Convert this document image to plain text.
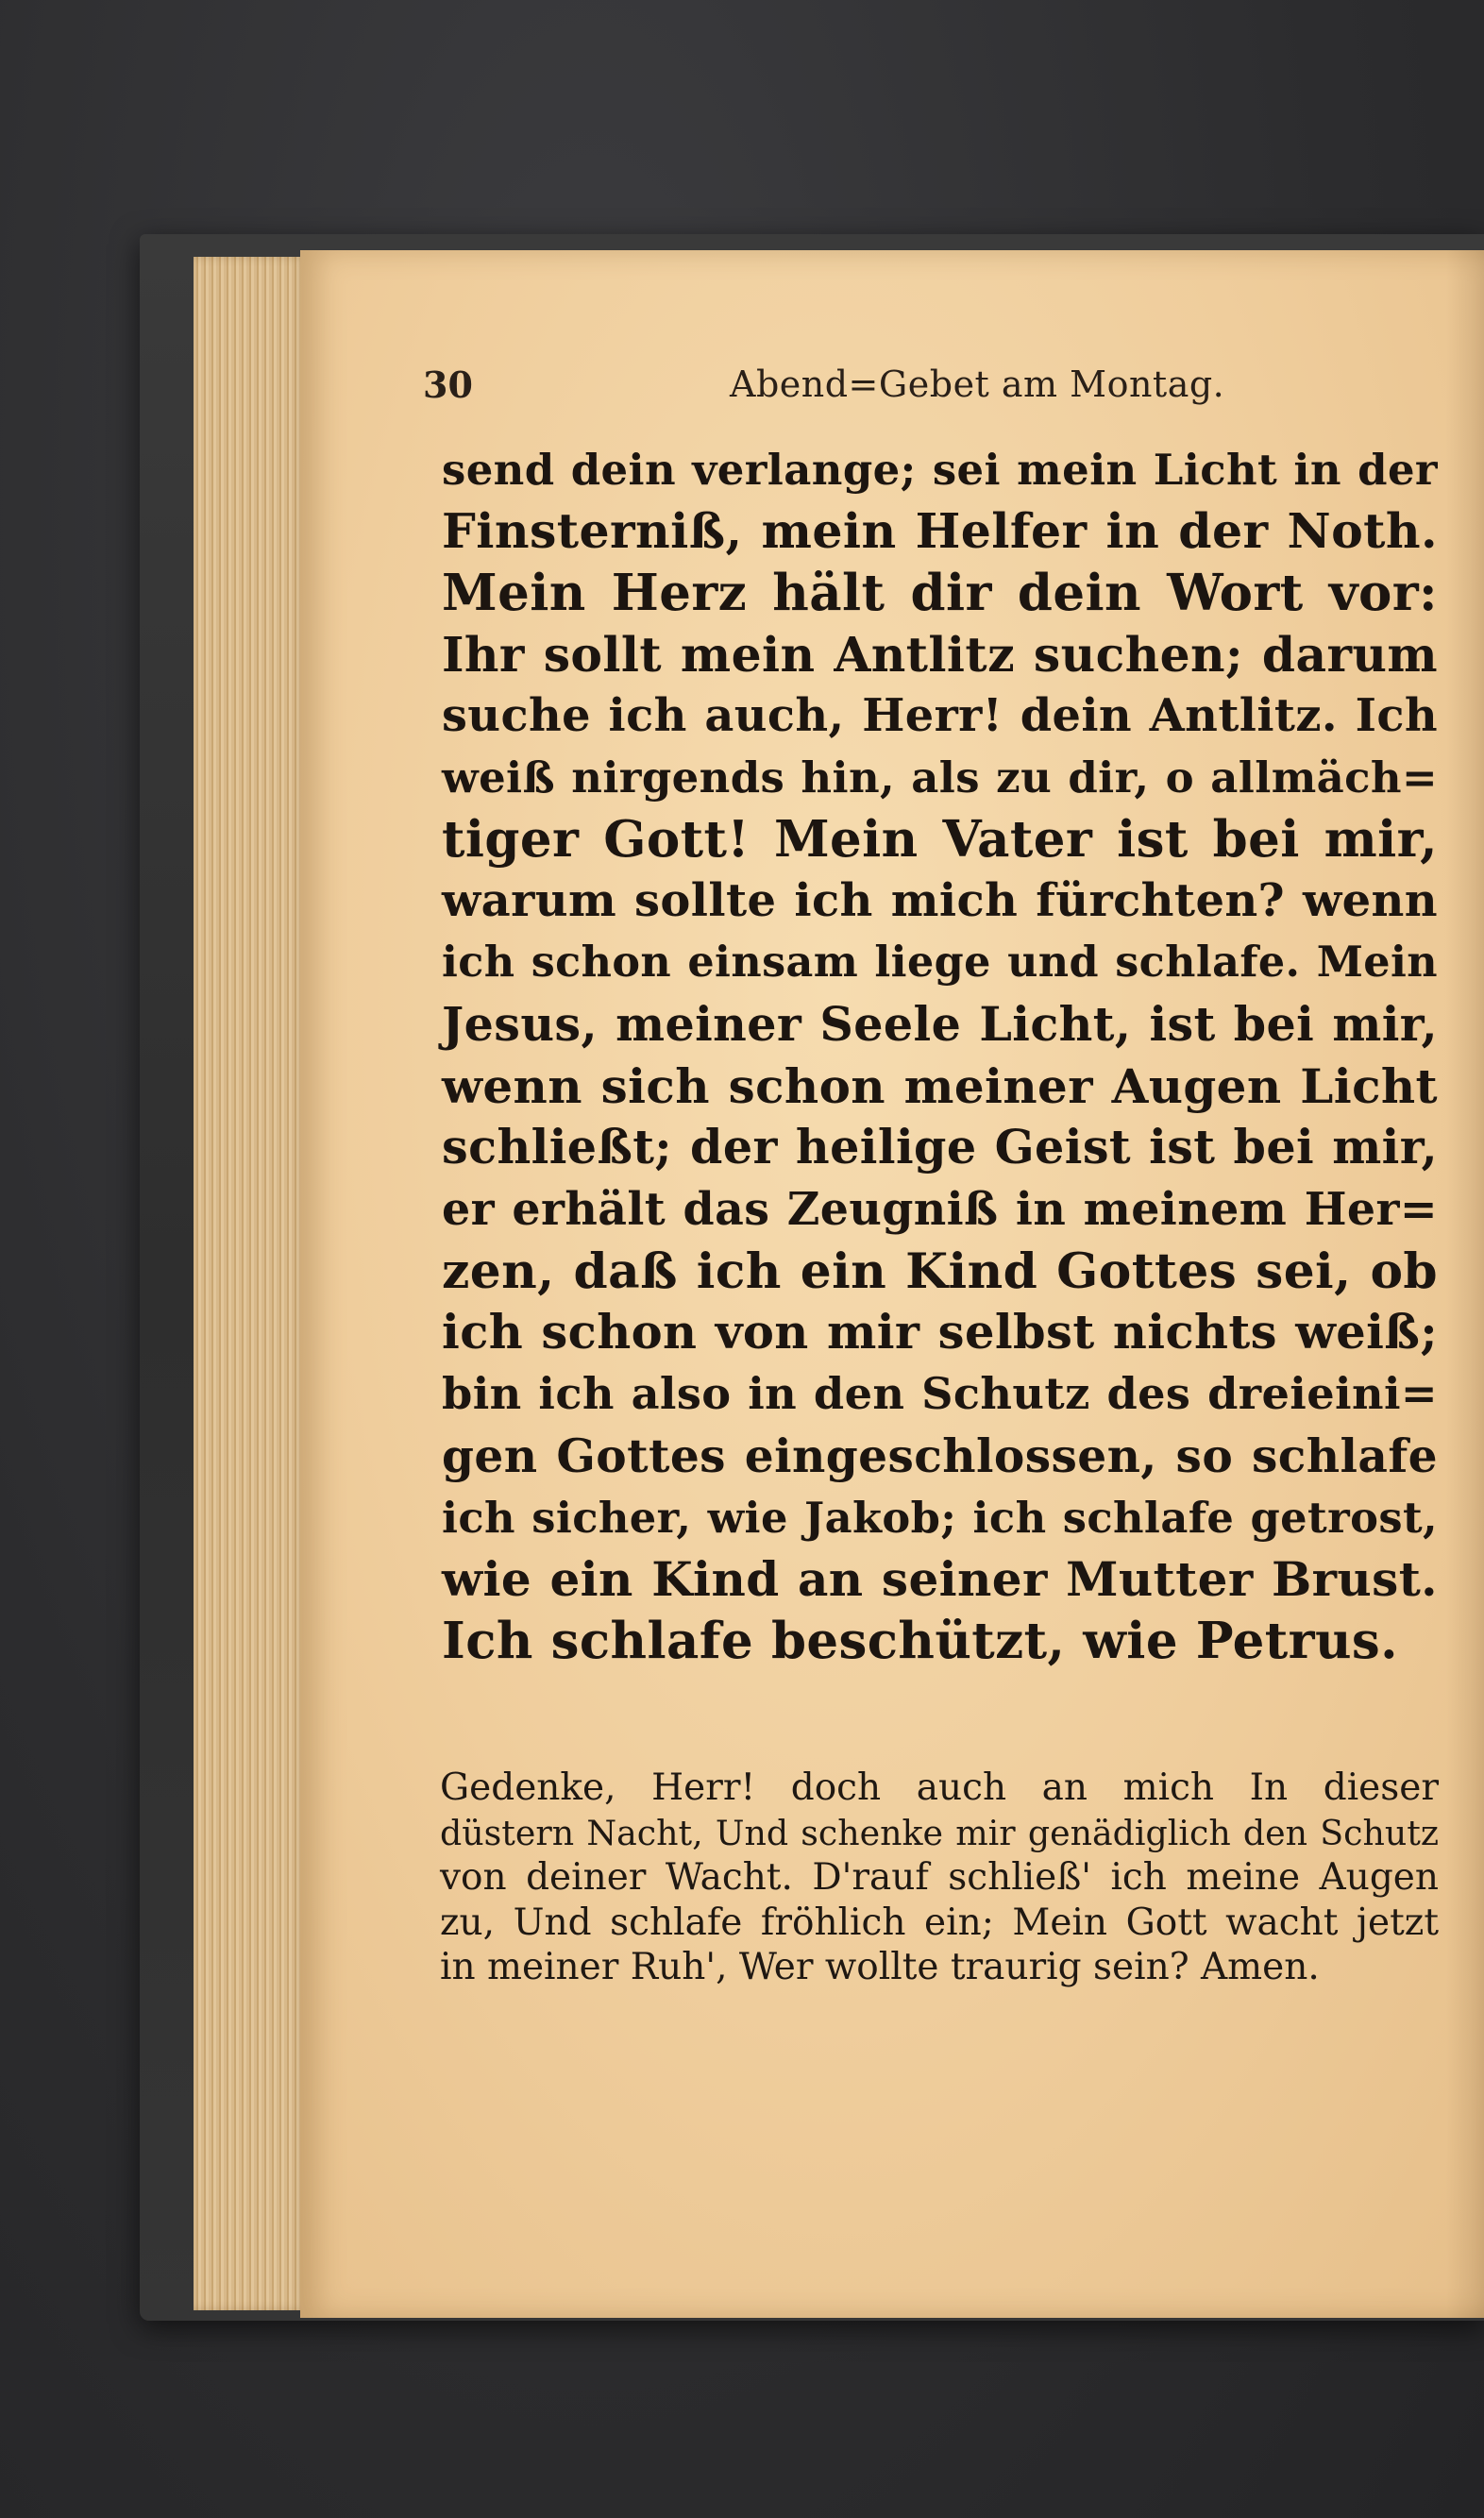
30	Abend=Gebet am Montag.
send dein verlange; sei mein Licht in der
Finsterniß, mein Helfer in der Noth.
Mein Herz hält dir dein Wort vor:
Ihr sollt mein Antlitz suchen; darum
suche ich auch, Herr! dein Antlitz. Ich
weiß nirgends hin, als zu dir, o allmäch=
tiger Gott! Mein Vater ist bei mir,
warum sollte ich mich fürchten? wenn
ich schon einsam liege und schlafe. Mein
Jesus, meiner Seele Licht, ist bei mir,
wenn sich schon meiner Augen Licht
schließt; der heilige Geist ist bei mir,
er erhält das Zeugniß in meinem Her=
zen, daß ich ein Kind Gottes sei, ob
ich schon von mir selbst nichts weiß;
bin ich also in den Schutz des dreieini=
gen Gottes eingeschlossen, so schlafe
ich sicher, wie Jakob; ich schlafe getrost,
wie ein Kind an seiner Mutter Brust.
Ich schlafe beschützt, wie Petrus.
Gedenke, Herr! doch auch an mich In dieser
düstern Nacht, Und schenke mir genädiglich den Schutz
von deiner Wacht. D'rauf schließ' ich meine Augen
zu, Und schlafe fröhlich ein; Mein Gott wacht jetzt
in meiner Ruh', Wer wollte traurig sein? Amen.
